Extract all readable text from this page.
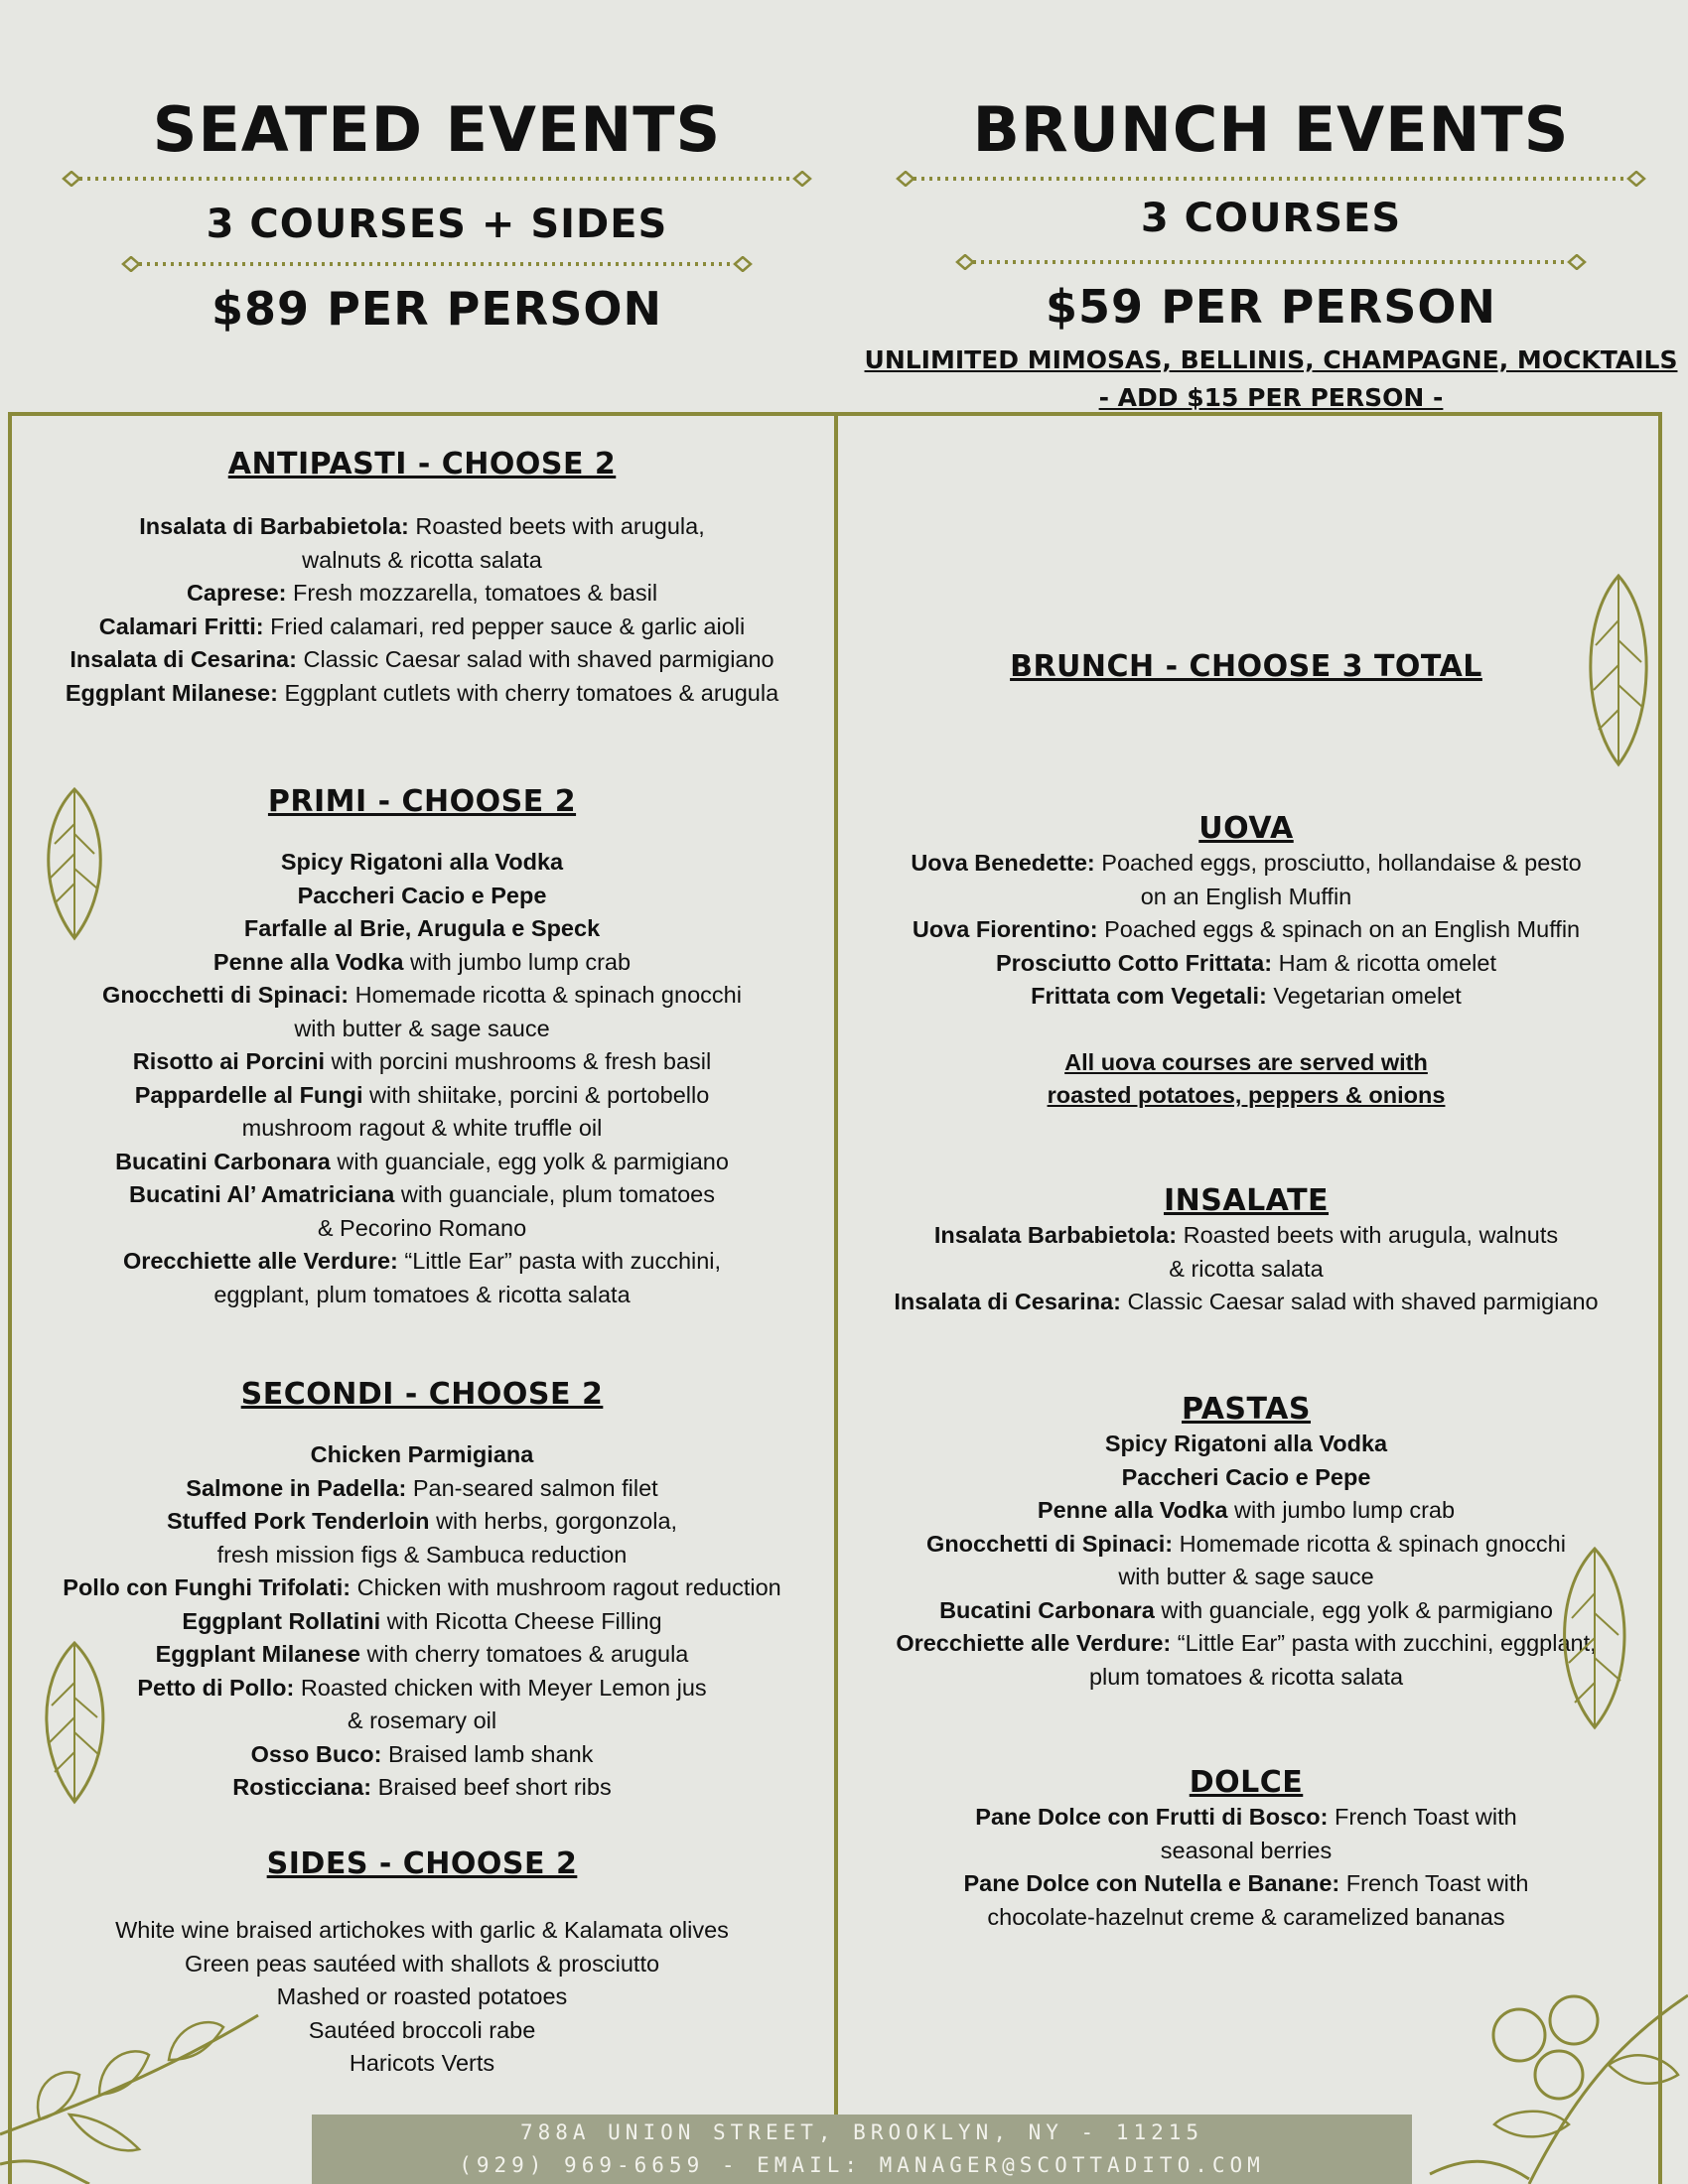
SEATED EVENTS
3 COURSES + SIDES
$89 PER PERSON
BRUNCH EVENTS
3 COURSES
$59 PER PERSON
UNLIMITED MIMOSAS, BELLINIS, CHAMPAGNE, MOCKTAILS
- ADD $15 PER PERSON -
ANTIPASTI - CHOOSE 2
Insalata di Barbabietola: Roasted beets with arugula,
walnuts & ricotta salata
Caprese: Fresh mozzarella, tomatoes & basil
Calamari Fritti: Fried calamari, red pepper sauce & garlic aioli
Insalata di Cesarina: Classic Caesar salad with shaved parmigiano
Eggplant Milanese: Eggplant cutlets with cherry tomatoes & arugula
PRIMI - CHOOSE 2
Spicy Rigatoni alla Vodka
Paccheri Cacio e Pepe
Farfalle al Brie, Arugula e Speck
Penne alla Vodka with jumbo lump crab
Gnocchetti di Spinaci: Homemade ricotta & spinach gnocchi
with butter & sage sauce
Risotto ai Porcini with porcini mushrooms & fresh basil
Pappardelle al Fungi with shiitake, porcini & portobello
mushroom ragout & white truffle oil
Bucatini Carbonara with guanciale, egg yolk & parmigiano
Bucatini Al’ Amatriciana with guanciale, plum tomatoes
& Pecorino Romano
Orecchiette alle Verdure: “Little Ear” pasta with zucchini,
eggplant, plum tomatoes & ricotta salata
SECONDI - CHOOSE 2
Chicken Parmigiana
Salmone in Padella: Pan-seared salmon filet
Stuffed Pork Tenderloin with herbs, gorgonzola,
fresh mission figs & Sambuca reduction
Pollo con Funghi Trifolati: Chicken with mushroom ragout reduction
Eggplant Rollatini with Ricotta Cheese Filling
Eggplant Milanese with cherry tomatoes & arugula
Petto di Pollo: Roasted chicken with Meyer Lemon jus
& rosemary oil
Osso Buco: Braised lamb shank
Rosticciana: Braised beef short ribs
SIDES - CHOOSE 2
White wine braised artichokes with garlic & Kalamata olives
Green peas sautéed with shallots & prosciutto
Mashed or roasted potatoes
Sautéed broccoli rabe
Haricots Verts
BRUNCH - CHOOSE 3 TOTAL
UOVA
Uova Benedette: Poached eggs, prosciutto, hollandaise & pesto
on an English Muffin
Uova Fiorentino: Poached eggs & spinach on an English Muffin
Prosciutto Cotto Frittata: Ham & ricotta omelet
Frittata com Vegetali: Vegetarian omelet
All uova courses are served with
roasted potatoes, peppers & onions
INSALATE
Insalata Barbabietola: Roasted beets with arugula, walnuts
& ricotta salata
Insalata di Cesarina: Classic Caesar salad with shaved parmigiano
PASTAS
Spicy Rigatoni alla Vodka
Paccheri Cacio e Pepe
Penne alla Vodka with jumbo lump crab
Gnocchetti di Spinaci: Homemade ricotta & spinach gnocchi
with butter & sage sauce
Bucatini Carbonara with guanciale, egg yolk & parmigiano
Orecchiette alle Verdure: “Little Ear” pasta with zucchini, eggplant,
plum tomatoes & ricotta salata
DOLCE
Pane Dolce con Frutti di Bosco: French Toast with
seasonal berries
Pane Dolce con Nutella e Banane: French Toast with
chocolate-hazelnut creme & caramelized bananas
788A UNION STREET, BROOKLYN, NY - 11215
(929) 969-6659 - EMAIL: MANAGER@SCOTTADITO.COM
